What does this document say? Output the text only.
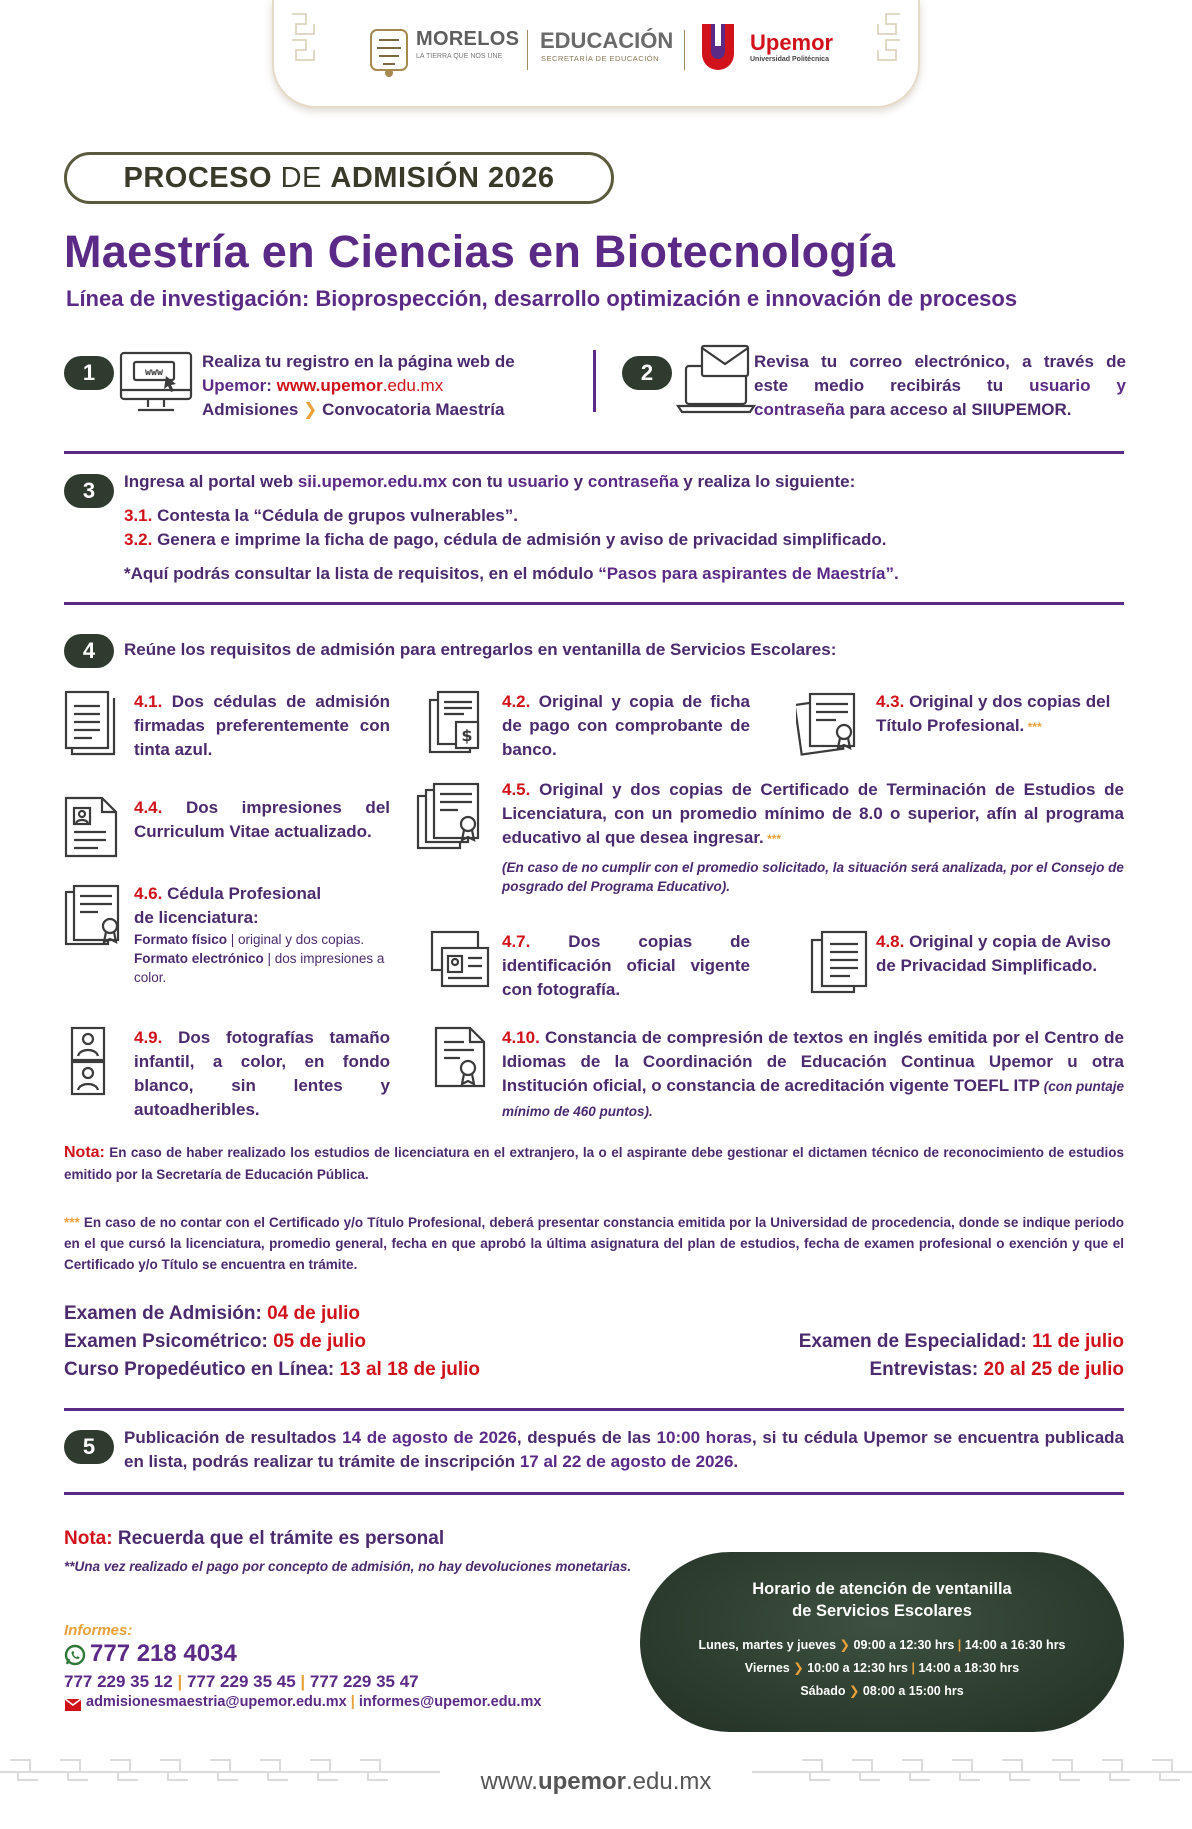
MORELOS
LA TIERRA QUE NOS UNE
EDUCACIÓN
SECRETARÍA DE EDUCACIÓN
Upemor
Universidad Politécnica
PROCESO DE ADMISIÓN 2026
Maestría en Ciencias en Biotecnología
Línea de investigación: Bioprospección, desarrollo optimización e innovación de procesos
1	www
Realiza tu registro en la página web de
Upemor: www.upemor.edu.mx
Admisiones ❯ Convocatoria Maestría
2	Revisa tu correo electrónico, a través de
este medio recibirás tu usuario y
contraseña para acceso al SIIUPEMOR.
3	Ingresa al portal web sii.upemor.edu.mx con tu usuario y contraseña y realiza lo siguiente:
3.1. Contesta la “Cédula de grupos vulnerables”.
3.2. Genera e imprime la ficha de pago, cédula de admisión y aviso de privacidad simplificado.
*Aquí podrás consultar la lista de requisitos, en el módulo “Pasos para aspirantes de Maestría”.
4	Reúne los requisitos de admisión para entregarlos en ventanilla de Servicios Escolares:
4.1. Dos cédulas de admisión firmadas preferentemente con tinta azul.
$
4.2. Original y copia de ficha de pago con comprobante de banco.
4.3. Original y dos copias del Título Profesional. ***
4.4. Dos impresiones del Curriculum Vitae actualizado.
4.5. Original y dos copias de Certificado de Terminación de Estudios de Licenciatura, con un promedio mínimo de 8.0 o superior, afín al programa educativo al que desea ingresar. ***
(En caso de no cumplir con el promedio solicitado, la situación será analizada, por el Consejo de posgrado del Programa Educativo).
4.6. Cédula Profesional
de licenciatura:
Formato físico | original y dos copias.
Formato electrónico | dos impresiones a color.
4.7. Dos copias de identificación oficial vigente con fotografía.
4.8. Original y copia de Aviso de Privacidad Simplificado.
4.9. Dos fotografías tamaño infantil, a color, en fondo blanco, sin lentes y autoadheribles.
4.10. Constancia de compresión de textos en inglés emitida por el Centro de Idiomas de la Coordinación de Educación Continua Upemor u otra Institución oficial, o constancia de acreditación vigente TOEFL ITP (con puntaje mínimo de 460 puntos).
Nota: En caso de haber realizado los estudios de licenciatura en el extranjero, la o el aspirante debe gestionar el dictamen técnico de reconocimiento de estudios emitido por la Secretaría de Educación Pública.
*** En caso de no contar con el Certificado y/o Título Profesional, deberá presentar constancia emitida por la Universidad de procedencia, donde se indique periodo en el que cursó la licenciatura, promedio general, fecha en que aprobó la última asignatura del plan de estudios, fecha de examen profesional o exención y que el Certificado y/o Título se encuentra en trámite.
Examen de Admisión: 04 de julio
Examen Psicométrico: 05 de julio
Curso Propedéutico en Línea: 13 al 18 de julio
Examen de Especialidad: 11 de julio
Entrevistas: 20 al 25 de julio
5	Publicación de resultados 14 de agosto de 2026, después de las 10:00 horas, si tu cédula Upemor se encuentra publicada en lista, podrás realizar tu trámite de inscripción 17 al 22 de agosto de 2026.
Nota: Recuerda que el trámite es personal
**Una vez realizado el pago por concepto de admisión, no hay devoluciones monetarias.
Informes:
777 218 4034
777 229 35 12 | 777 229 35 45 | 777 229 35 47
admisionesmaestria@upemor.edu.mx | informes@upemor.edu.mx
Horario de atención de ventanilla
de Servicios Escolares
Lunes, martes y jueves ❯ 09:00 a 12:30 hrs | 14:00 a 16:30 hrs
Viernes ❯ 10:00 a 12:30 hrs | 14:00 a 18:30 hrs
Sábado ❯ 08:00 a 15:00 hrs
www.upemor.edu.mx
